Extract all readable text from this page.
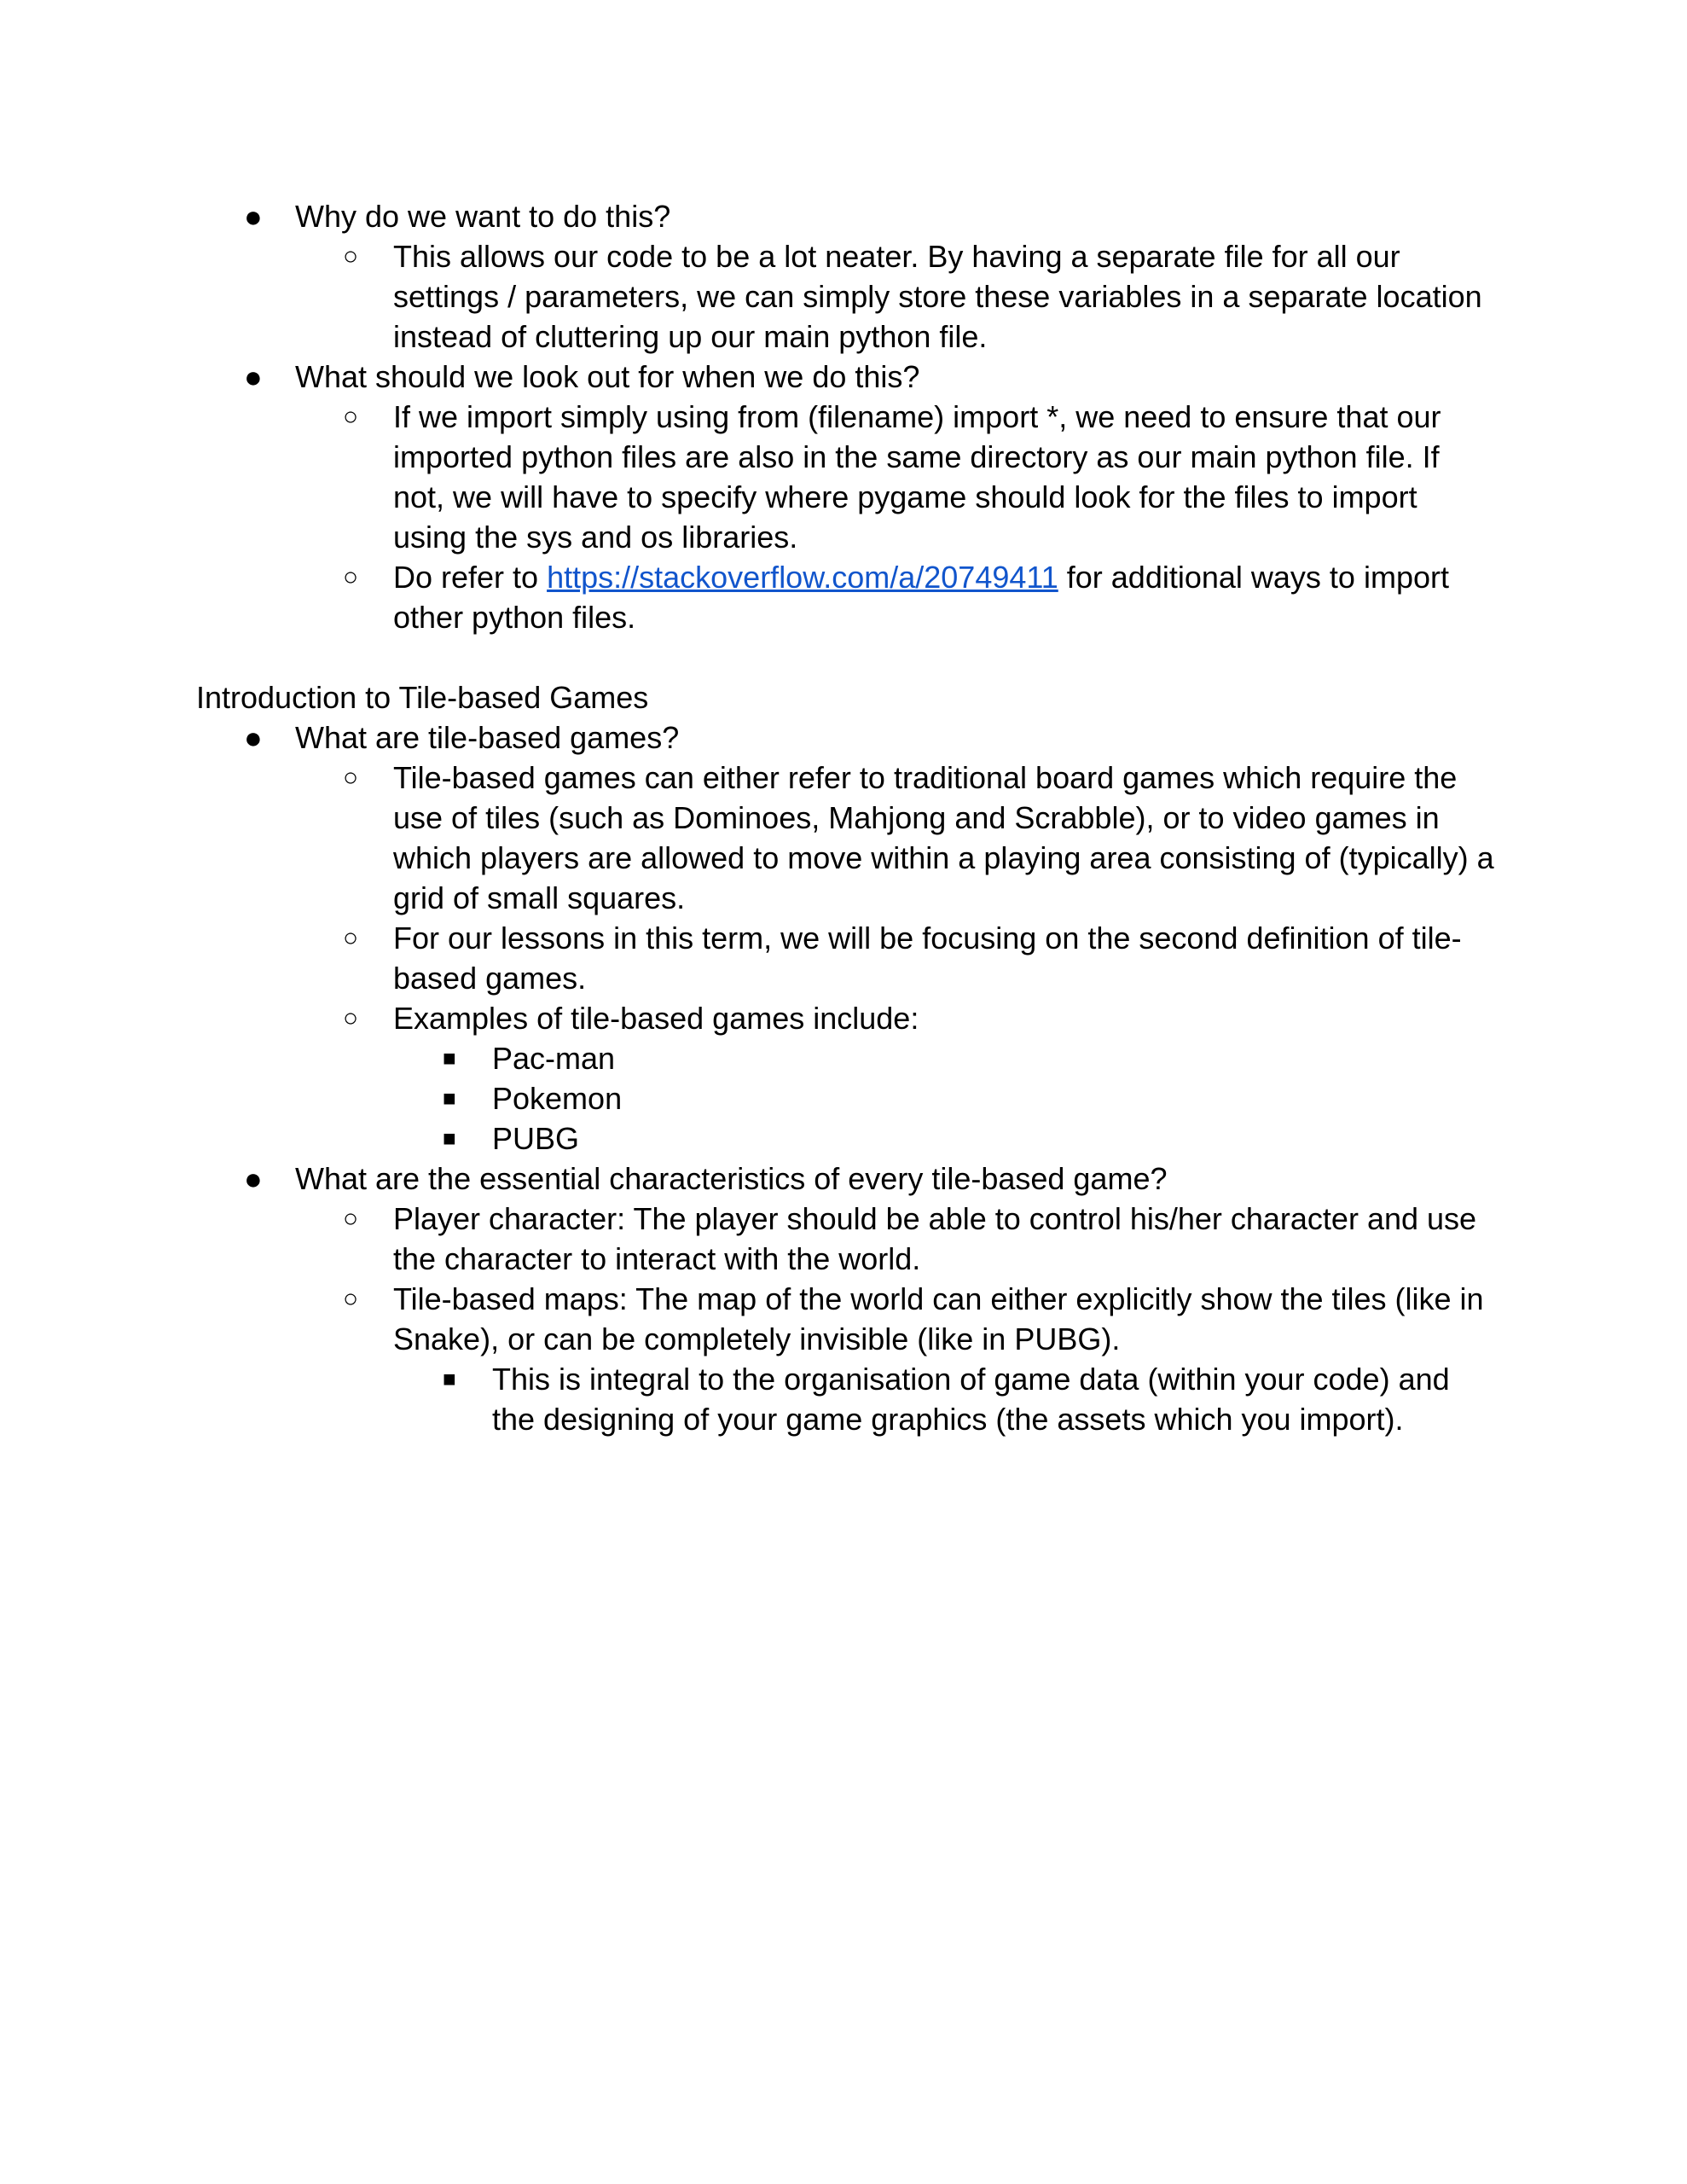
● Why do we want to do this?
○ This allows our code to be a lot neater. By having a separate file for all our
settings / parameters, we can simply store these variables in a separate location
instead of cluttering up our main python file.
● What should we look out for when we do this?
○ If we import simply using from (filename) import *, we need to ensure that our
imported python files are also in the same directory as our main python file. If
not, we will have to specify where pygame should look for the files to import
using the sys and os libraries.
○ Do refer to https://stackoverflow.com/a/20749411 for additional ways to import
other python files.
Introduction to Tile-based Games
● What are tile-based games?
○ Tile-based games can either refer to traditional board games which require the
use of tiles (such as Dominoes, Mahjong and Scrabble), or to video games in
which players are allowed to move within a playing area consisting of (typically) a
grid of small squares.
○ For our lessons in this term, we will be focusing on the second definition of tile-
based games.
○ Examples of tile-based games include:
■ Pac-man
■ Pokemon
■ PUBG
● What are the essential characteristics of every tile-based game?
○ Player character: The player should be able to control his/her character and use
the character to interact with the world.
○ Tile-based maps: The map of the world can either explicitly show the tiles (like in
Snake), or can be completely invisible (like in PUBG).
■ This is integral to the organisation of game data (within your code) and
the designing of your game graphics (the assets which you import).
